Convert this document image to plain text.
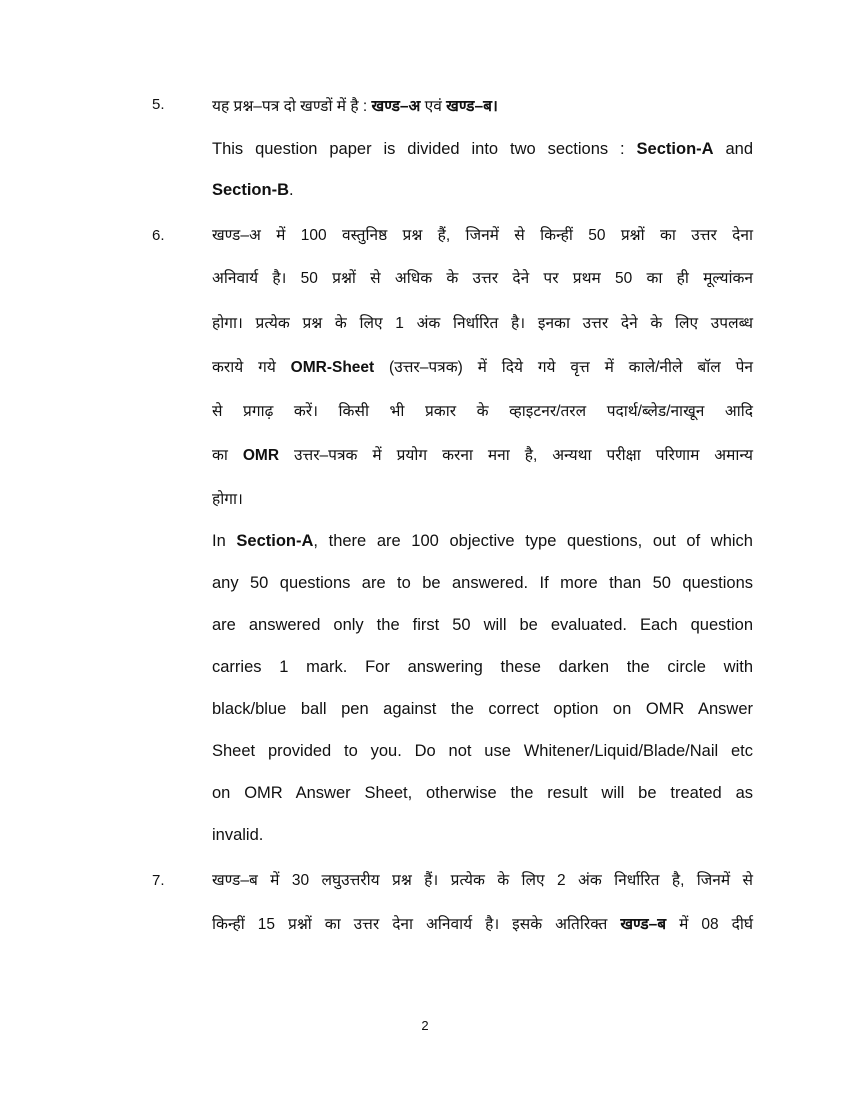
5.	यह प्रश्न–पत्र दो खण्डों में है : खण्ड–अ एवं खण्ड–ब।
This question paper is divided into two sections : Section-A and
Section-B.
6.	खण्ड–अ में 100 वस्तुनिष्ठ प्रश्न हैं, जिनमें से किन्हीं 50 प्रश्नों का उत्तर देना
अनिवार्य है। 50 प्रश्नों से अधिक के उत्तर देने पर प्रथम 50 का ही मूल्यांकन
होगा। प्रत्येक प्रश्न के लिए 1 अंक निर्धारित है। इनका उत्तर देने के लिए उपलब्ध
कराये गये OMR-Sheet (उत्तर–पत्रक) में दिये गये वृत्त में काले/नीले बॉल पेन
से प्रगाढ़ करें। किसी भी प्रकार के व्हाइटनर/तरल पदार्थ/ब्लेड/नाखून आदि
का OMR उत्तर–पत्रक में प्रयोग करना मना है, अन्यथा परीक्षा परिणाम अमान्य
होगा।
In Section-A, there are 100 objective type questions, out of which
any 50 questions are to be answered. If more than 50 questions
are answered only the first 50 will be evaluated. Each question
carries 1 mark. For answering these darken the circle with
black/blue ball pen against the correct option on OMR Answer
Sheet provided to you. Do not use Whitener/Liquid/Blade/Nail etc
on OMR Answer Sheet, otherwise the result will be treated as
invalid.
7.	खण्ड–ब में 30 लघुउत्तरीय प्रश्न हैं। प्रत्येक के लिए 2 अंक निर्धारित है, जिनमें से
किन्हीं 15 प्रश्नों का उत्तर देना अनिवार्य है। इसके अतिरिक्त खण्ड–ब में 08 दीर्घ
2
